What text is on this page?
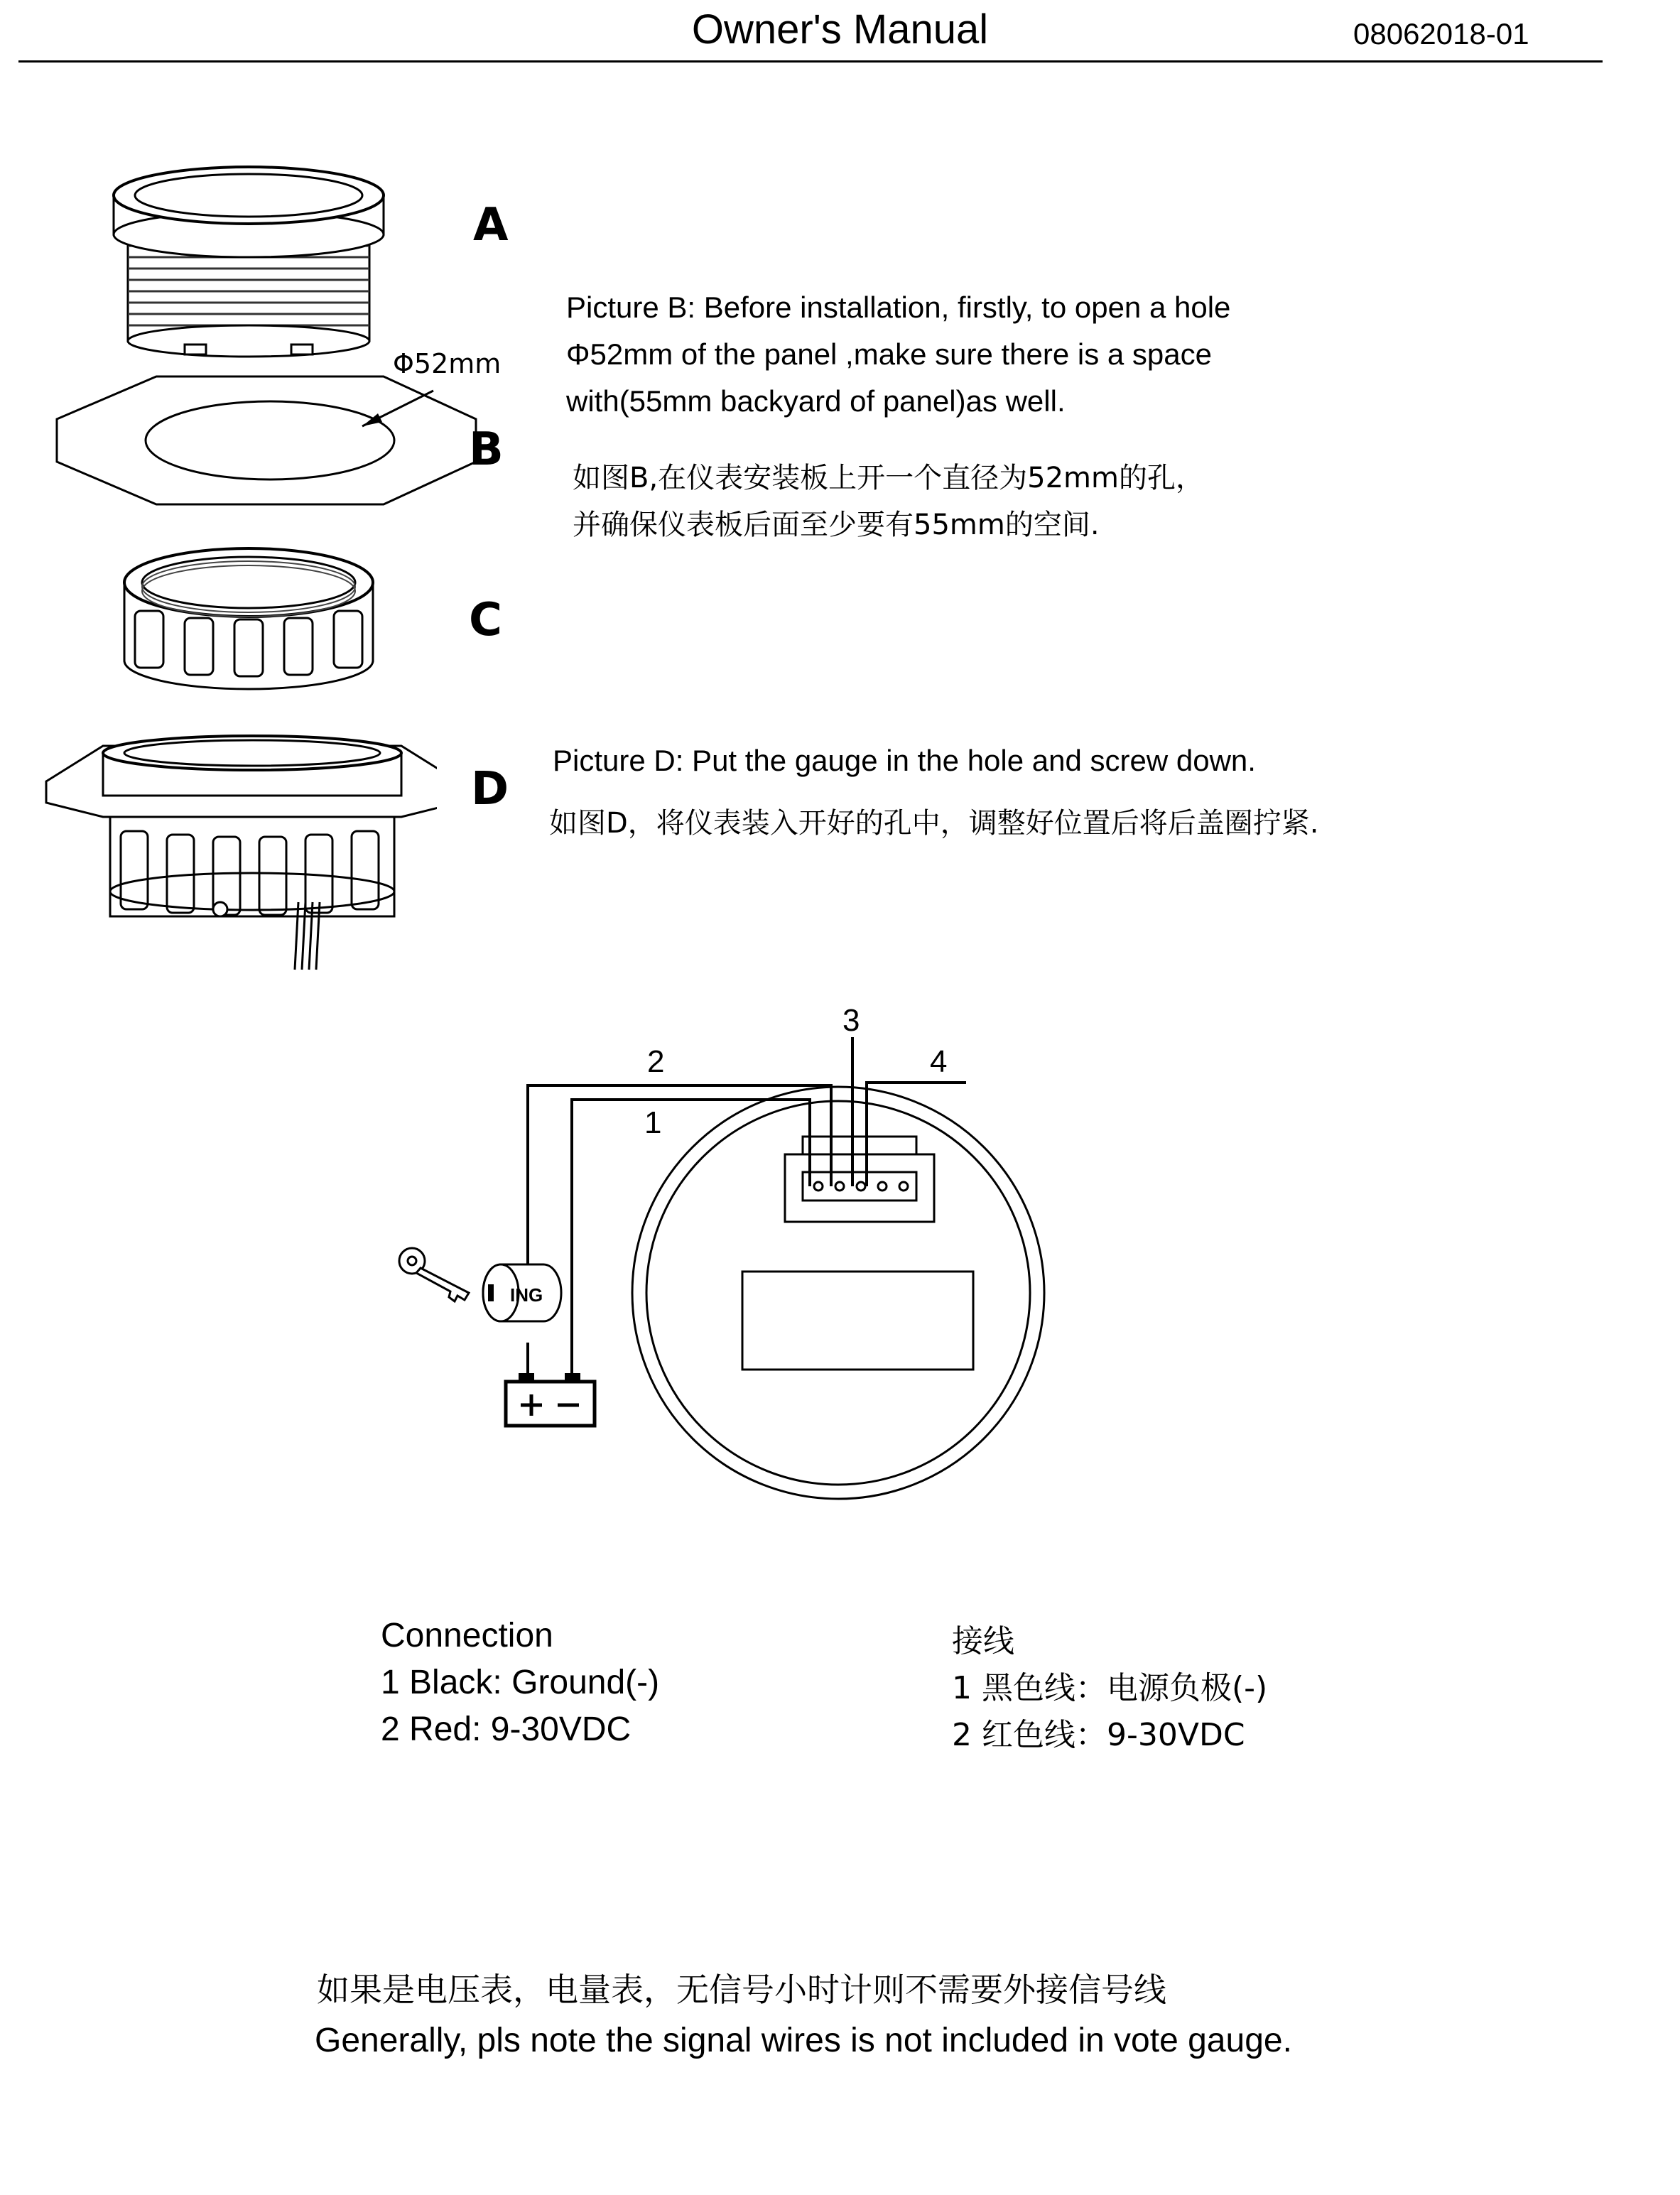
Owner's Manual	08062018-01
A
Φ52mm
B
C
D
Picture B: Before installation, firstly, to open a hole
Φ52mm of the panel ,make sure there is a space
with(55mm backyard of panel)as well.
如图B,在仪表安装板上开一个直径为52mm的孔，
并确保仪表板后面至少要有55mm的空间.
Picture D: Put the gauge in the hole and screw down.
如图D，将仪表装入开好的孔中，调整好位置后将后盖圈拧紧.
ING
2
1
3
4
Connection
1 Black: Ground(-)
2 Red: 9-30VDC
接线
1 黑色线：电源负极(-)
2 红色线：9-30VDC
如果是电压表，电量表，无信号小时计则不需要外接信号线
Generally, pls note the signal wires is not included in vote gauge.
